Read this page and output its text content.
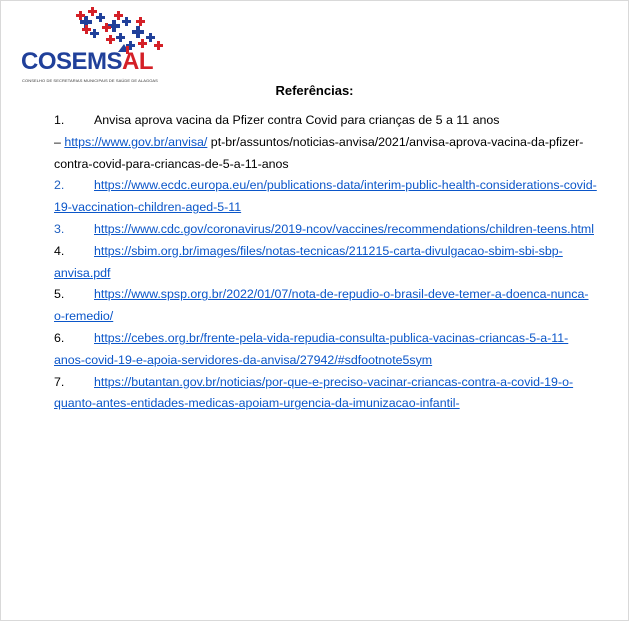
COSEMSAL
CONSELHO DE SECRETARIAS MUNICIPAIS DE SAÚDE DE ALAGOAS
Referências:

1. Anvisa aprova vacina da Pfizer contra Covid para crianças de 5 a 11 anos
– https://www.gov.br/anvisa/ pt-br/assuntos/noticias-anvisa/2021/anvisa-aprova-vacina-da-pfizer-
contra-covid-para-criancas-de-5-a-11-anos

2. https://www.ecdc.europa.eu/en/publications-data/interim-public-health-considerations-covid-
19-vaccination-children-aged-5-11

3. https://www.cdc.gov/coronavirus/2019-ncov/vaccines/recommendations/children-teens.html

4. https://sbim.org.br/images/files/notas-tecnicas/211215-carta-divulgacao-sbim-sbi-sbp-
anvisa.pdf

5. https://www.spsp.org.br/2022/01/07/nota-de-repudio-o-brasil-deve-temer-a-doenca-nunca-
o-remedio/

6. https://cebes.org.br/frente-pela-vida-repudia-consulta-publica-vacinas-criancas-5-a-11-
anos-covid-19-e-apoia-servidores-da-anvisa/27942/#sdfootnote5sym

7. https://butantan.gov.br/noticias/por-que-e-preciso-vacinar-criancas-contra-a-covid-19-o-
quanto-antes-entidades-medicas-apoiam-urgencia-da-imunizacao-infantil-
